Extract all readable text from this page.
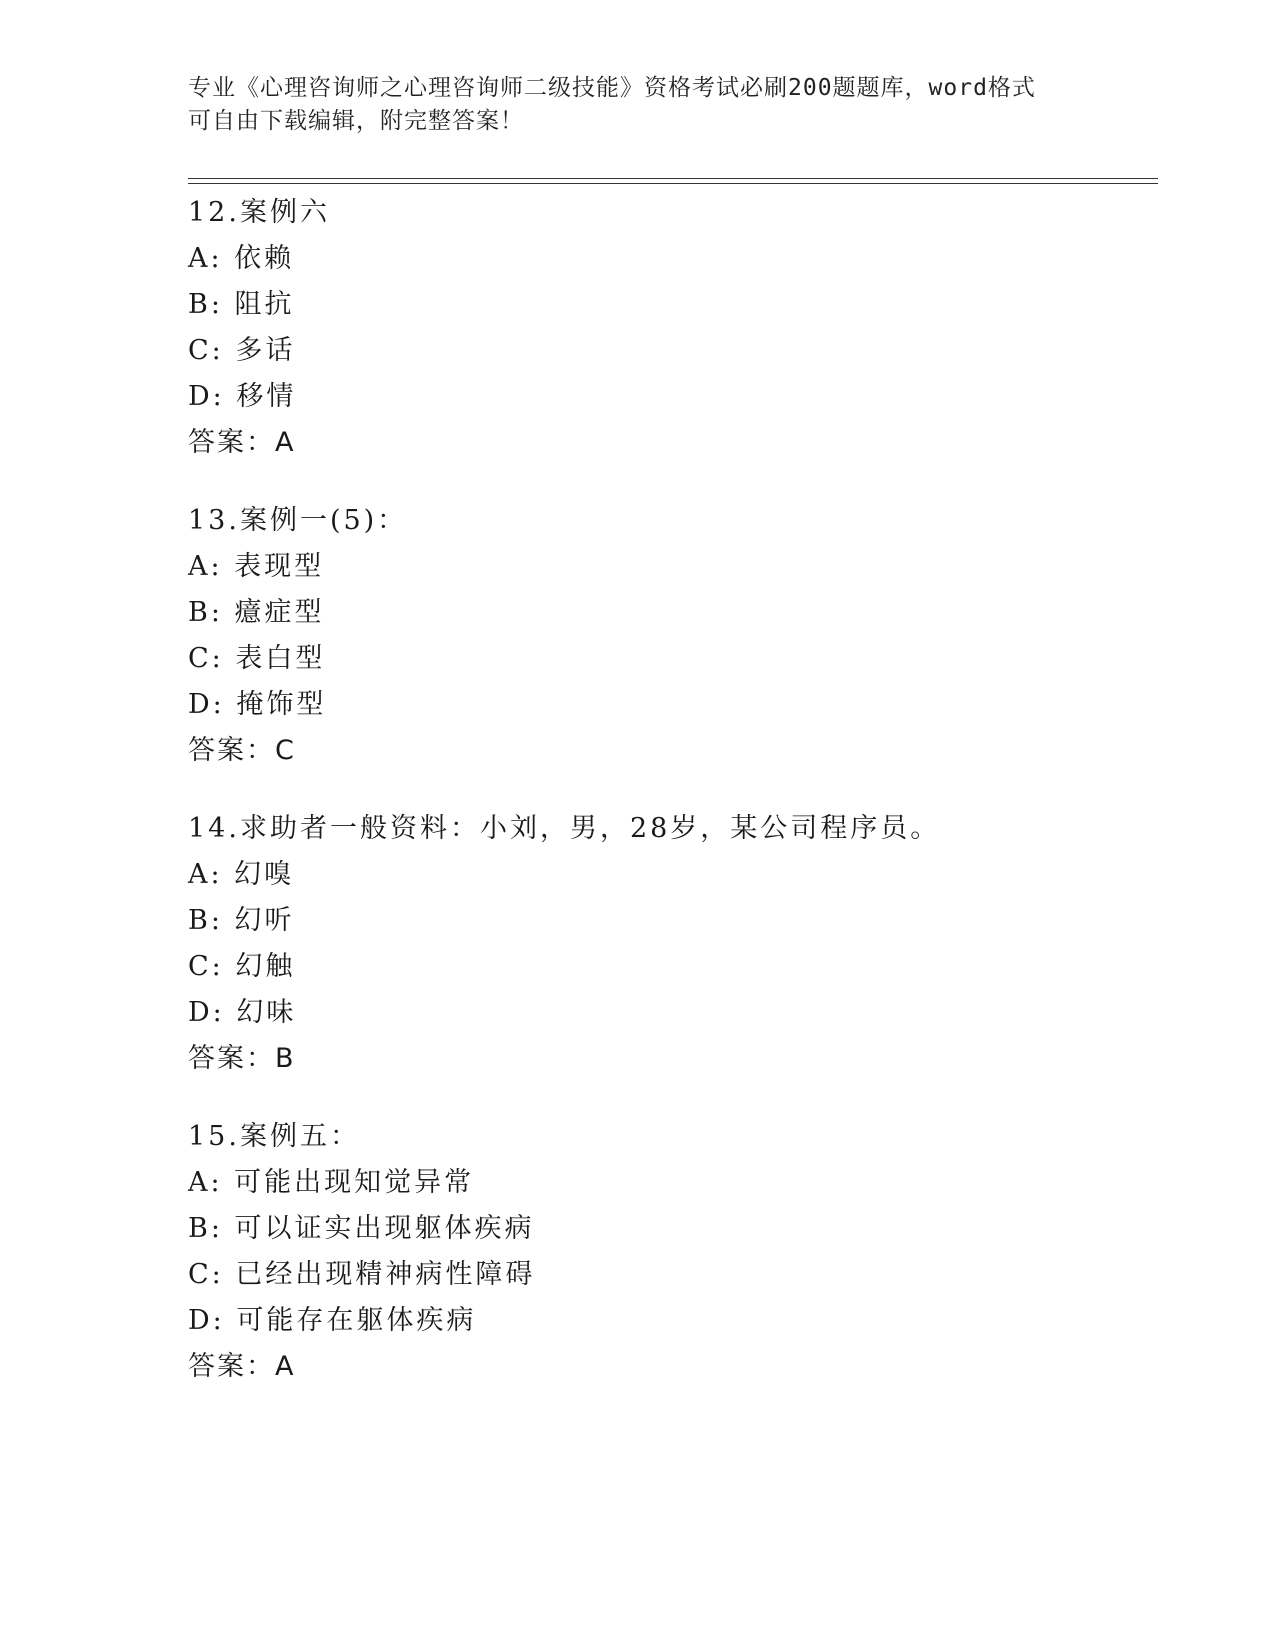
专业《心理咨询师之心理咨询师二级技能》资格考试必刷200题题库，word格式
可自由下载编辑，附完整答案！
12.案例六
A: 依赖
B: 阻抗
C: 多话
D: 移情
答案：A
13.案例一(5)：
A: 表现型
B: 癔症型
C: 表白型
D: 掩饰型
答案：C
14.求助者一般资料：小刘，男，28岁，某公司程序员。
A: 幻嗅
B: 幻听
C: 幻触
D: 幻味
答案：B
15.案例五：
A: 可能出现知觉异常
B: 可以证实出现躯体疾病
C: 已经出现精神病性障碍
D: 可能存在躯体疾病
答案：A
